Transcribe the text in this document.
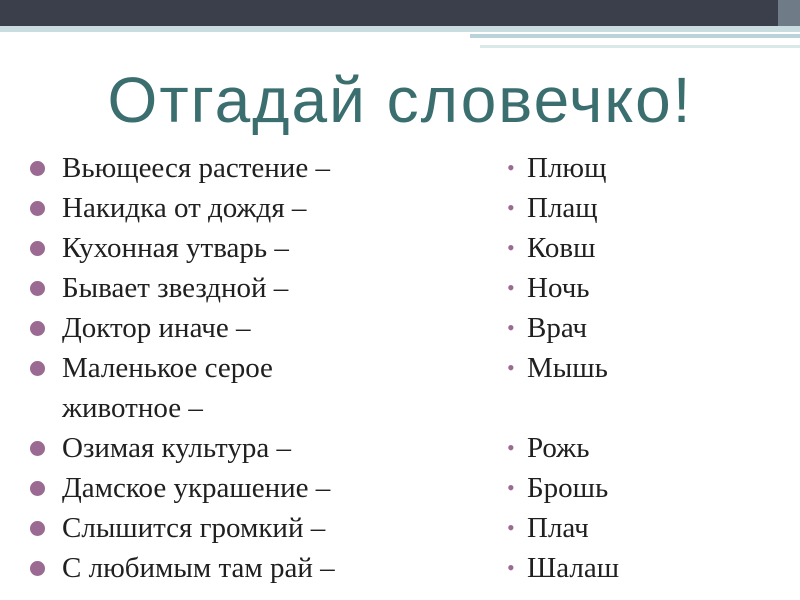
Отгадай словечко!
Вьющееся растение –
Накидка от дождя –
Кухонная утварь –
Бывает звездной –
Доктор иначе –
Маленькое серое
животное –
Озимая культура –
Дамское украшение –
Слышится громкий –
С любимым там рай –
• Плющ
• Плащ
• Ковш
• Ночь
• Врач
• Мышь
• Рожь
• Брошь
• Плач
• Шалаш
